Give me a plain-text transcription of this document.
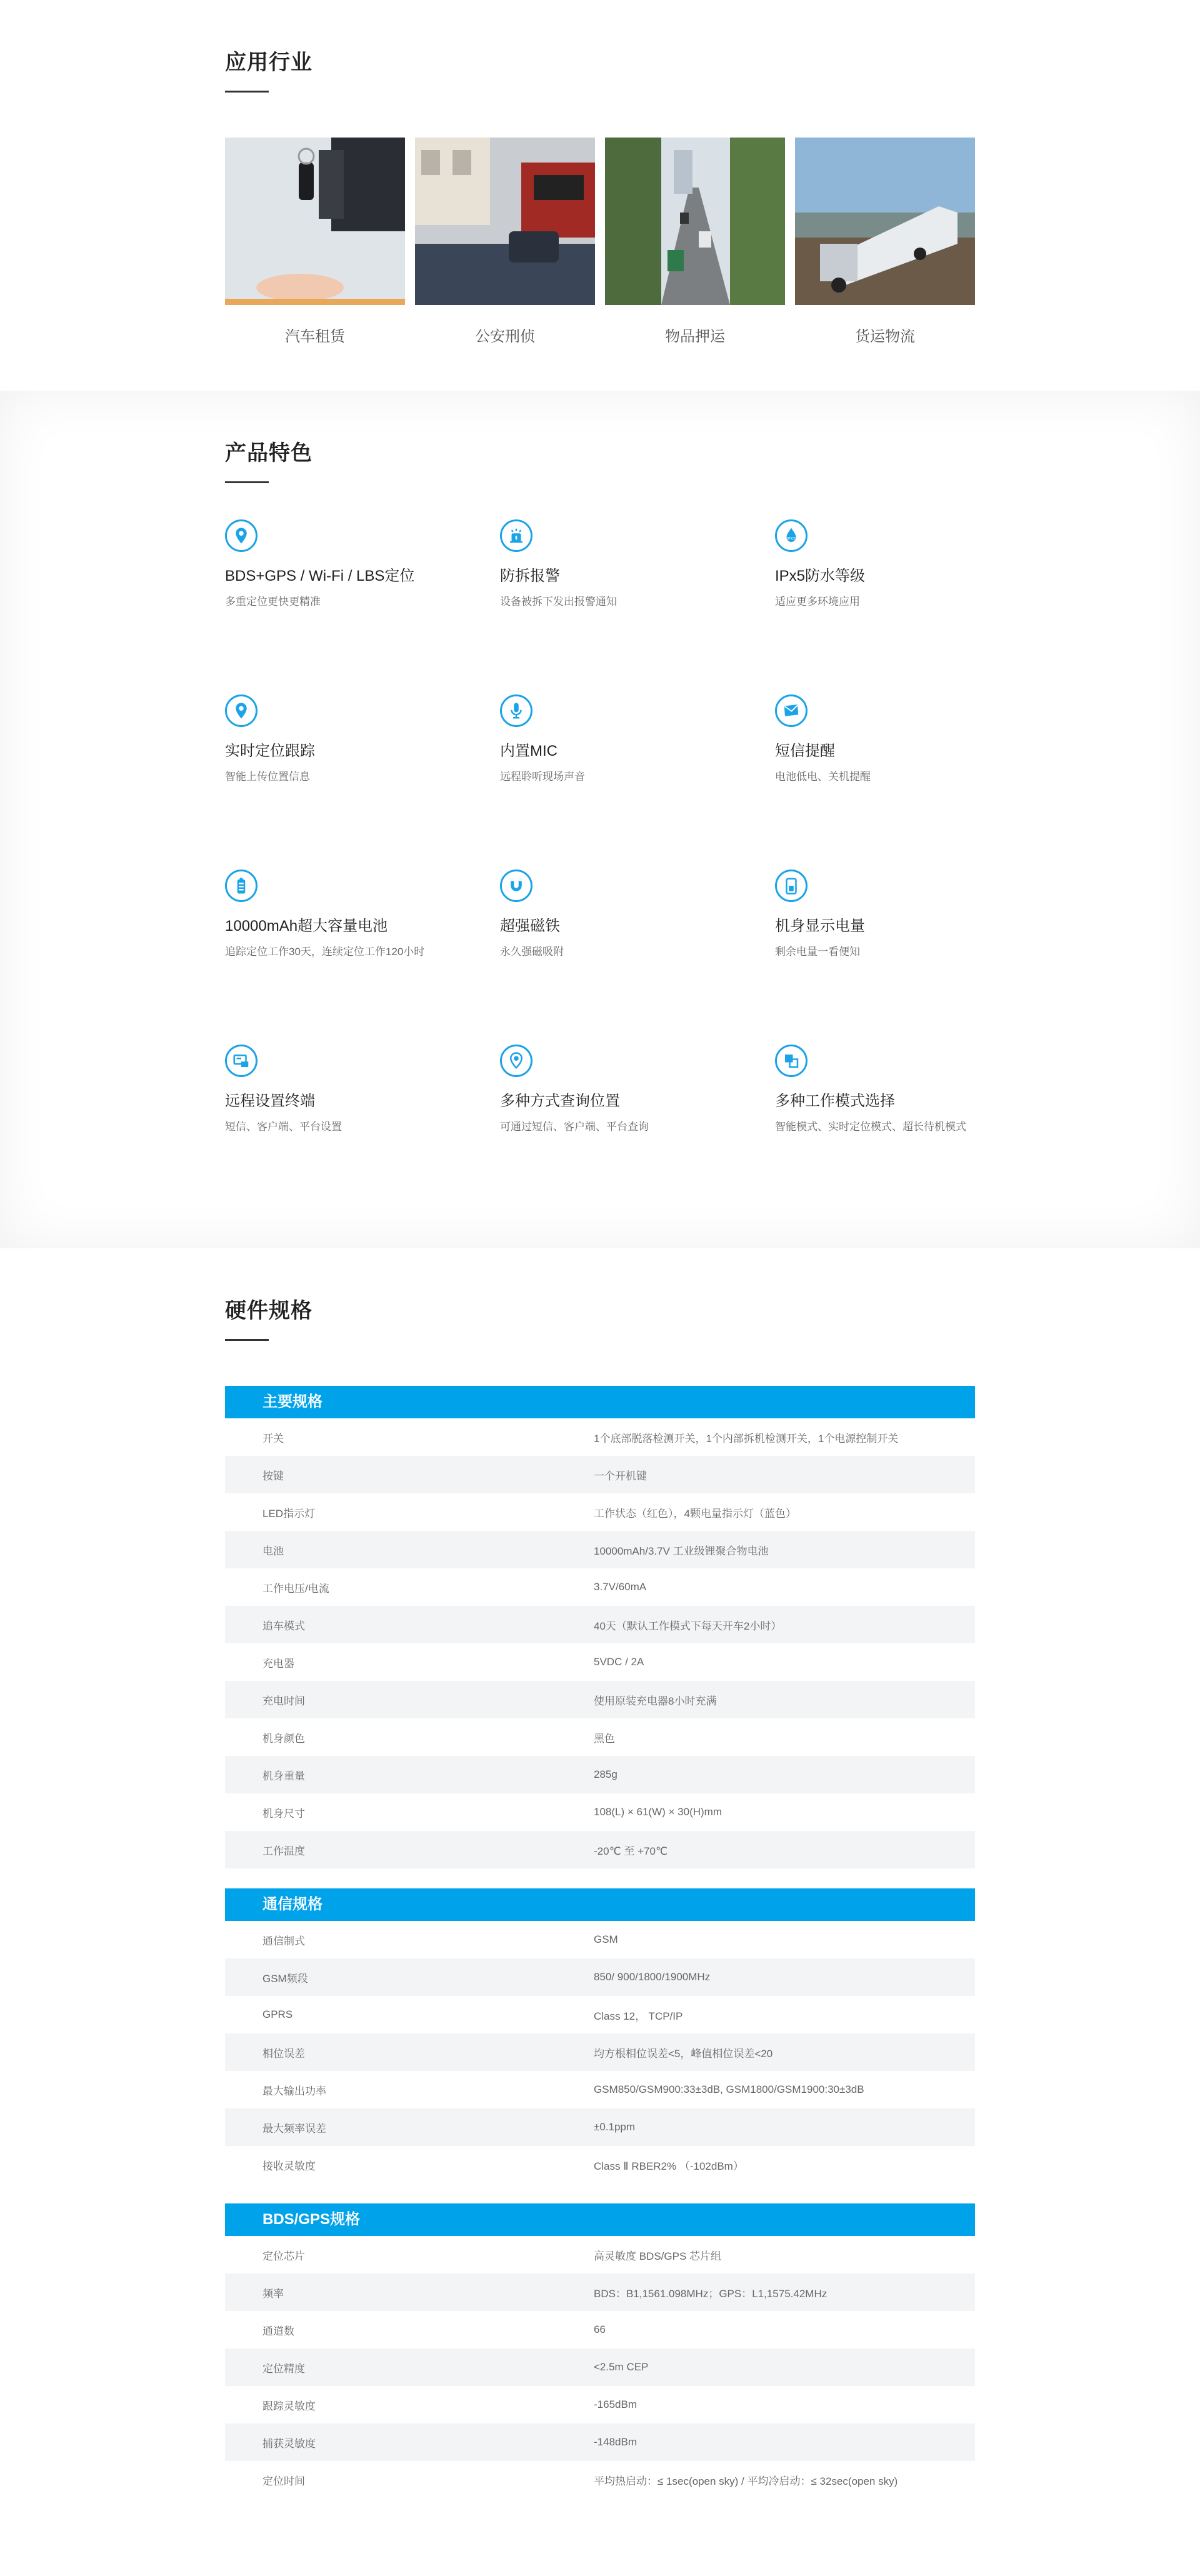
应用行业
汽车租赁	公安刑侦	物品押运	货运物流
产品特色
BDS+GPS / Wi-Fi / LBS定位
多重定位更快更精准
防拆报警
设备被拆下发出报警通知
IPX5
IPx5防水等级
适应更多环境应用
实时定位跟踪
智能上传位置信息
内置MIC
远程聆听现场声音
短信提醒
电池低电、关机提醒
10000mAh超大容量电池
追踪定位工作30天，连续定位工作120小时
超强磁铁
永久强磁吸附
机身显示电量
剩余电量一看便知
远程设置终端
短信、客户端、平台设置
多种方式查询位置
可通过短信、客户端、平台查询
多种工作模式选择
智能模式、实时定位模式、超长待机模式
硬件规格
主要规格
开关	1个底部脱落检测开关，1个内部拆机检测开关，1个电源控制开关
按键	一个开机键
LED指示灯	工作状态（红色），4颗电量指示灯（蓝色）
电池	10000mAh/3.7V 工业级锂聚合物电池
工作电压/电流	3.7V/60mA
追车模式	40天（默认工作模式下每天开车2小时）
充电器	5VDC / 2A
充电时间	使用原装充电器8小时充满
机身颜色	黑色
机身重量	285g
机身尺寸	108(L) × 61(W) × 30(H)mm
工作温度	-20℃ 至 +70℃
通信规格
通信制式	GSM
GSM频段	850/ 900/1800/1900MHz
GPRS	Class 12， TCP/IP
相位误差	均方根相位误差<5，峰值相位误差<20
最大输出功率	GSM850/GSM900:33±3dB, GSM1800/GSM1900:30±3dB
最大频率误差	±0.1ppm
接收灵敏度	Class Ⅱ RBER2% （-102dBm）
BDS/GPS规格
定位芯片	高灵敏度 BDS/GPS 芯片组
频率	BDS：B1,1561.098MHz；GPS：L1,1575.42MHz
通道数	66
定位精度	<2.5m CEP
跟踪灵敏度	-165dBm
捕获灵敏度	-148dBm
定位时间	平均热启动：≤ 1sec(open sky) / 平均冷启动：≤ 32sec(open sky)
